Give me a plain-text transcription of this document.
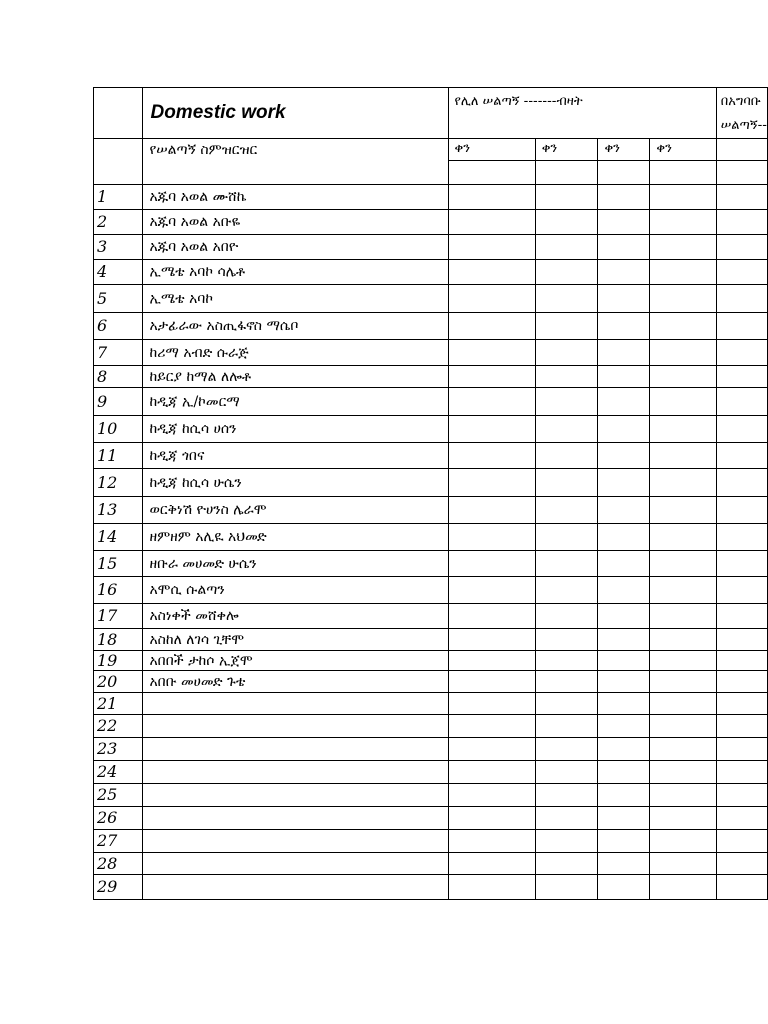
	Domestic work	የሊለ ሠልጣኝ -------ብዛት				በአግባቡ
ሠልጣኝ--

	የሠልጣኝ ስምዝርዝር	ቀን	ቀን	ቀን	ቀን	

1	አጁባ አወል ሙሸኬ					
2	አጁባ አወል አቡዬ					
3	አጁባ አወል አበዮ					
4	ኢሜቴ አባኮ ሳሌቶ					
5	ኢሜቴ አባኮ					
6	አታፊራው አስጢፋኖስ ማሴቦ					
7	ከሪማ አብድ ሱራጅ					
8	ከይርያ ከማል ለሎቶ					
9	ከዲጃ ኢ/ኮመርማ					
10	ከዲጃ ከሲሳ ሀሰን					
11	ከዲጃ ጎበና					
12	ከዲጃ ከሲሳ ሁሴን					
13	ወርቅነሽ ዮሀንስ ሌራሞ					
14	ዘምዘም አሊዪ አህመድ					
15	ዘቡራ መሀመድ ሁሴን					
16	አሞሲ ሱልጣን					
17	አስነቀች መሸቀሎ					
18	አስከለ ለገሳ ጊቸሞ					
19	አበበች ታከሶ ኢጀሞ					
20	አበቡ መሀመድ ጉቴ					
21						
22						
23						
24						
25						
26						
27						
28						
29						
